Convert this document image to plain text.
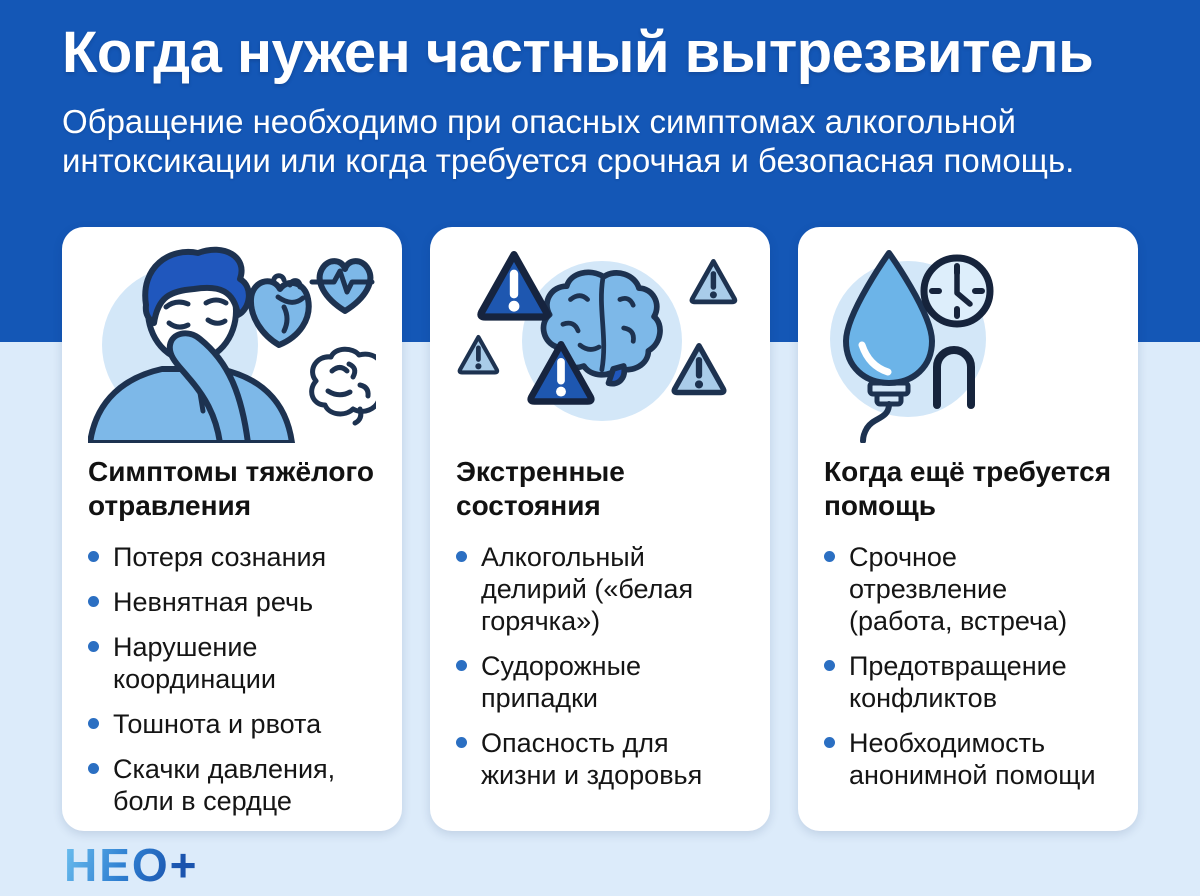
Когда нужен частный вытрезвитель

Обращение необходимо при опасных симптомах алкогольной интоксикации или когда требуется срочная и безопасная помощь.

Симптомы тяжёлого отравления
Потеря сознания
Невнятная речь
Нарушение координации
Тошнота и рвота
Скачки давления, боли в сердце
Экстренные состояния
Алкогольный делирий («белая горячка»)
Судорожные припадки
Опасность для жизни и здоровья
Когда ещё требуется помощь
Срочное отрезвление (работа, встреча)
Предотвращение конфликтов
Необходимость анонимной помощи
НЕО+
